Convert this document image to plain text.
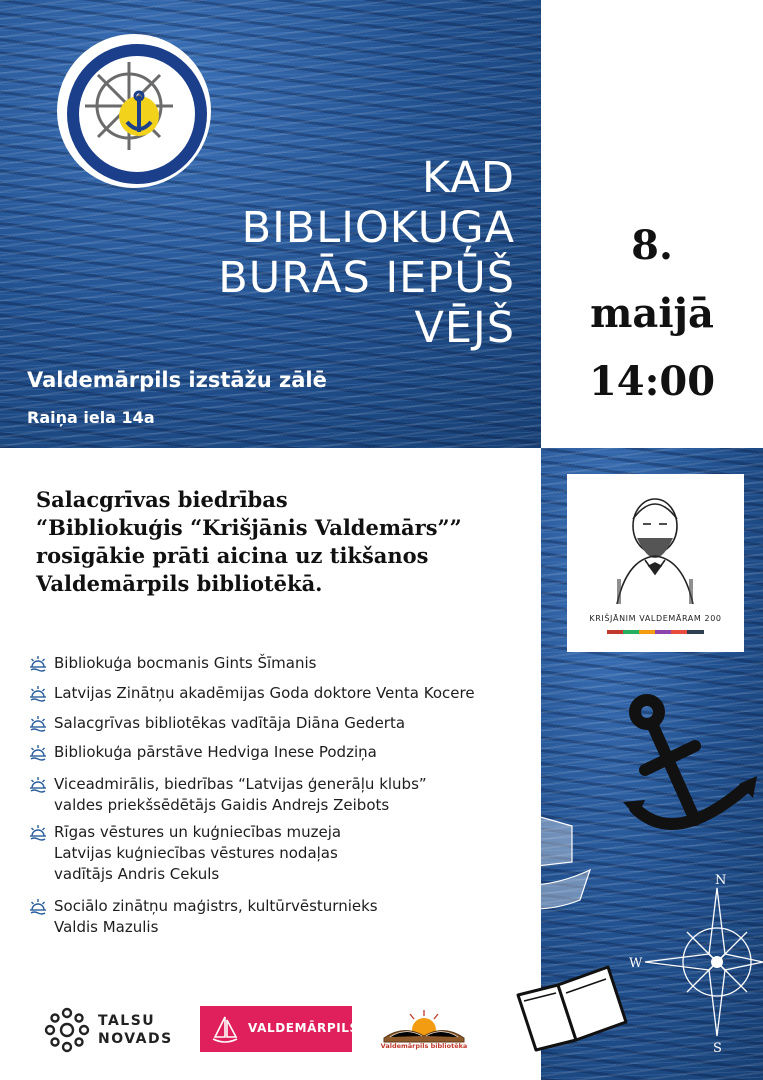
BIBLIOKUĢIS KRIŠJĀNIS VALD
KAD
BIBLIOKUĢA
BURĀS IEPŪŠ
VĒJŠ
Valdemārpils izstāžu zālē
Raiņa iela 14a
8.
maijā
14:00
Salacgrīvas biedrības
“Bibliokuģis “Krišjānis Valdemārs””
rosīgākie prāti aicina uz tikšanos
Valdemārpils bibliotēkā.
Bibliokuģa bocmanis Gints Šīmanis
Latvijas Zinātņu akadēmijas Goda doktore Venta Kocere
Salacgrīvas bibliotēkas vadītāja Diāna Gederta
Bibliokuģa pārstāve Hedviga Inese Podziņa
Viceadmirālis, biedrības “Latvijas ģenerāļu klubs”
valdes priekšsēdētājs Gaidis Andrejs Zeibots
Rīgas vēstures un kuģniecības muzeja
Latvijas kuģniecības vēstures nodaļas
vadītājs Andris Cekuls
Sociālo zinātņu maģistrs, kultūrvēsturnieks
Valdis Mazulis
KRIŠJĀNIM VALDEMĀRAM 200
N
W
S
TALSU
NOVADS
VALDEMĀRPILS
Valdemārpils bibliotēka
